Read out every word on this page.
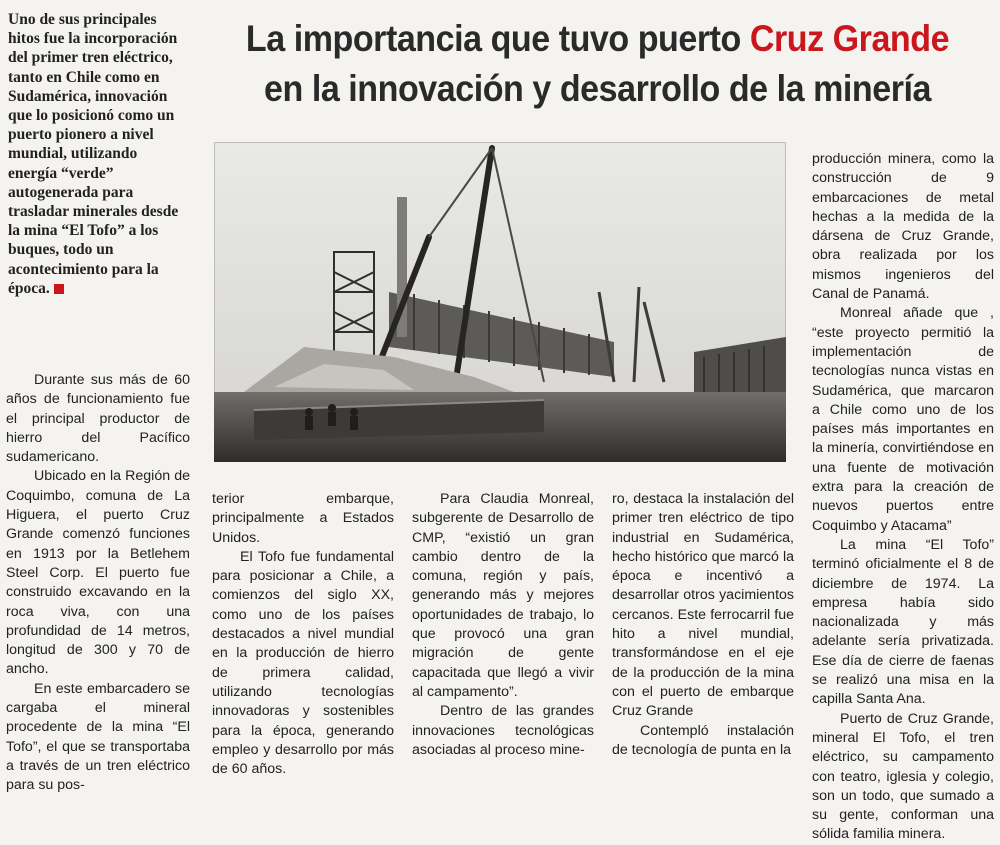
La importancia que tuvo puerto Cruz Grande
en la innovación y desarrollo de la minería

Uno de sus principales hitos fue la incorporación del primer tren eléctrico, tanto en Chile como en Sudamérica, innovación que lo posicionó como un puerto pionero a nivel mundial, utilizando energía “verde” autogenerada para trasladar minerales desde la mina “El Tofo” a los buques, todo un acontecimiento para la época.

Durante sus más de 60 años de funcionamiento fue el principal productor de hierro del Pacífico sudamericano.

Ubicado en la Región de Coquimbo, comuna de La Higuera, el puerto Cruz Grande comenzó funciones en 1913 por la Betlehem Steel Corp. El puerto fue construido excavando en la roca viva, con una profundidad de 14 metros, longitud de 300 y 70 de ancho.

En este embarcadero se cargaba el mineral procedente de la mina “El Tofo”, el que se transportaba a través de un tren eléctrico para su pos-

terior embarque, principalmente a Estados Unidos.

El Tofo fue fundamental para posicionar a Chile, a comienzos del siglo XX, como uno de los países destacados a nivel mundial en la producción de hierro de primera calidad, utilizando tecnologías innovadoras y sostenibles para la época, generando empleo y desarrollo por más de 60 años.

Para Claudia Monreal, subgerente de Desarrollo de CMP, “existió un gran cambio dentro de la comuna, región y país, generando más y mejores oportunidades de trabajo, lo que provocó una gran migración de gente capacitada que llegó a vivir al campamento”.

Dentro de las grandes innovaciones tecnológicas asociadas al proceso mine-

ro, destaca la instalación del primer tren eléctrico de tipo industrial en Sudamérica, hecho histórico que marcó la época e incentivó a desarrollar otros yacimientos cercanos. Este ferrocarril fue hito a nivel mundial, transformándose en el eje de la producción de la mina con el puerto de embarque Cruz Grande

Contempló instalación de tecnología de punta en la

producción minera, como la construcción de 9 embarcaciones de metal hechas a la medida de la dársena de Cruz Grande, obra realizada por los mismos ingenieros del Canal de Panamá.

Monreal añade que , “este proyecto permitió la implementación de tecnologías nunca vistas en Sudamérica, que marcaron a Chile como uno de los países más importantes en la minería, convirtiéndose en una fuente de motivación extra para la creación de nuevos puertos entre Coquimbo y Atacama”

La mina “El Tofo” terminó oficialmente el 8 de diciembre de 1974. La empresa había sido nacionalizada y más adelante sería privatizada. Ese día de cierre de faenas se realizó una misa en la capilla Santa Ana.

Puerto de Cruz Grande, mineral El Tofo, el tren eléctrico, su campamento con teatro, iglesia y colegio, son un todo, que sumado a su gente, conforman una sólida familia minera.
